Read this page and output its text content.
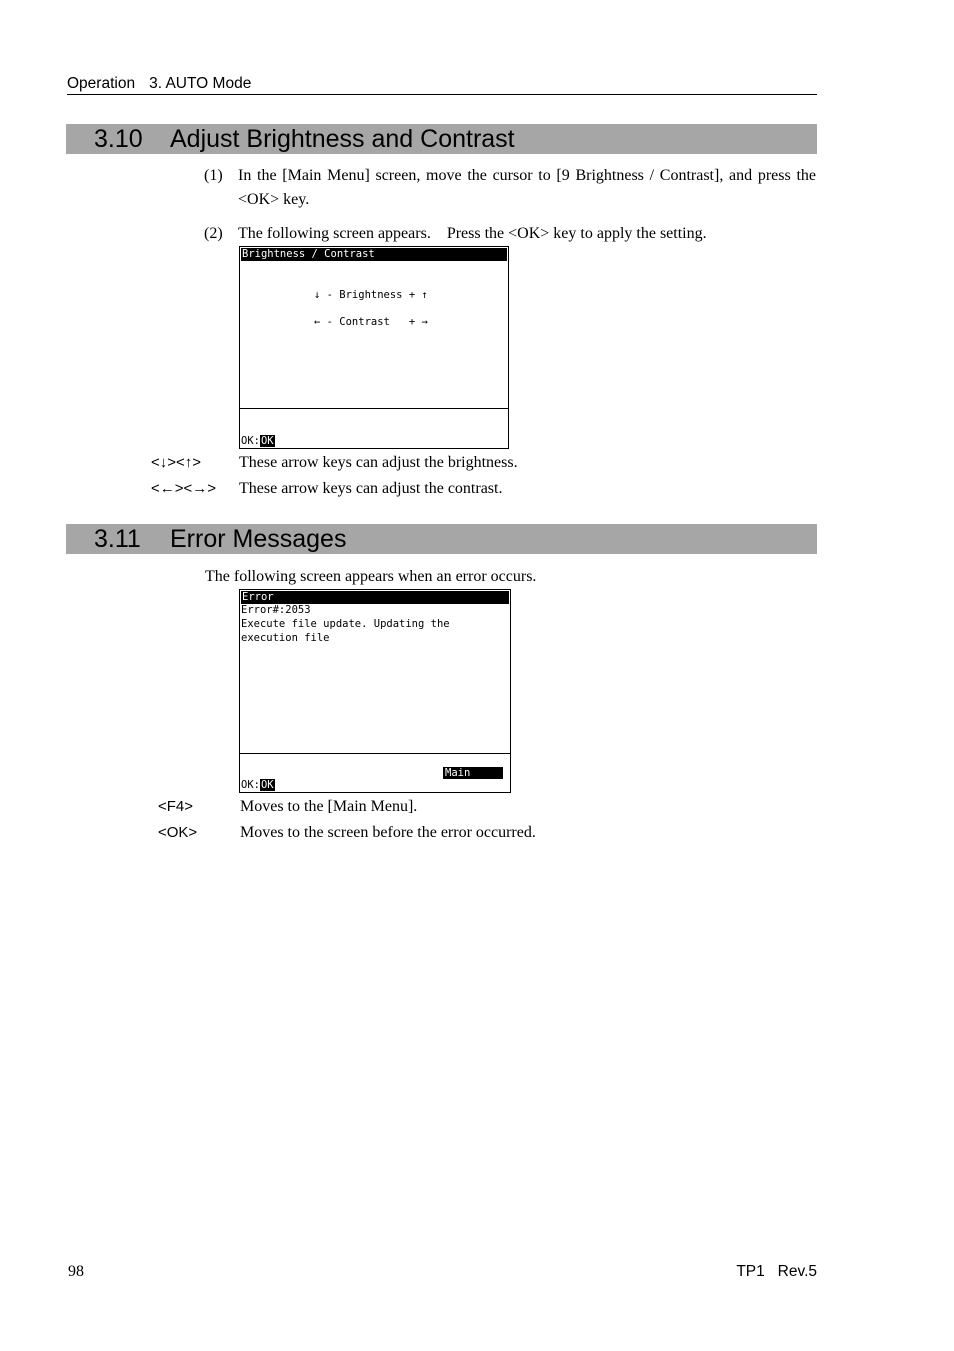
Operation 3. AUTO Mode
3.10 Adjust Brightness and Contrast
(1) In the [Main Menu] screen, move the cursor to [9 Brightness / Contrast], and press the <OK> key.
(2) The following screen appears.    Press the <OK> key to apply the setting.
Brightness / Contrast
↓ - Brightness + ↑
← - Contrast   + →
OK:OK
<↓><↑> These arrow keys can adjust the brightness.
<←><→> These arrow keys can adjust the contrast.
3.11 Error Messages
The following screen appears when an error occurs.
Error
Error#:2053
Execute file update. Updating the
execution file
Main
OK:OK
<F4>	Moves to the [Main Menu].
<OK>	Moves to the screen before the error occurred.
98	TP1   Rev.5
